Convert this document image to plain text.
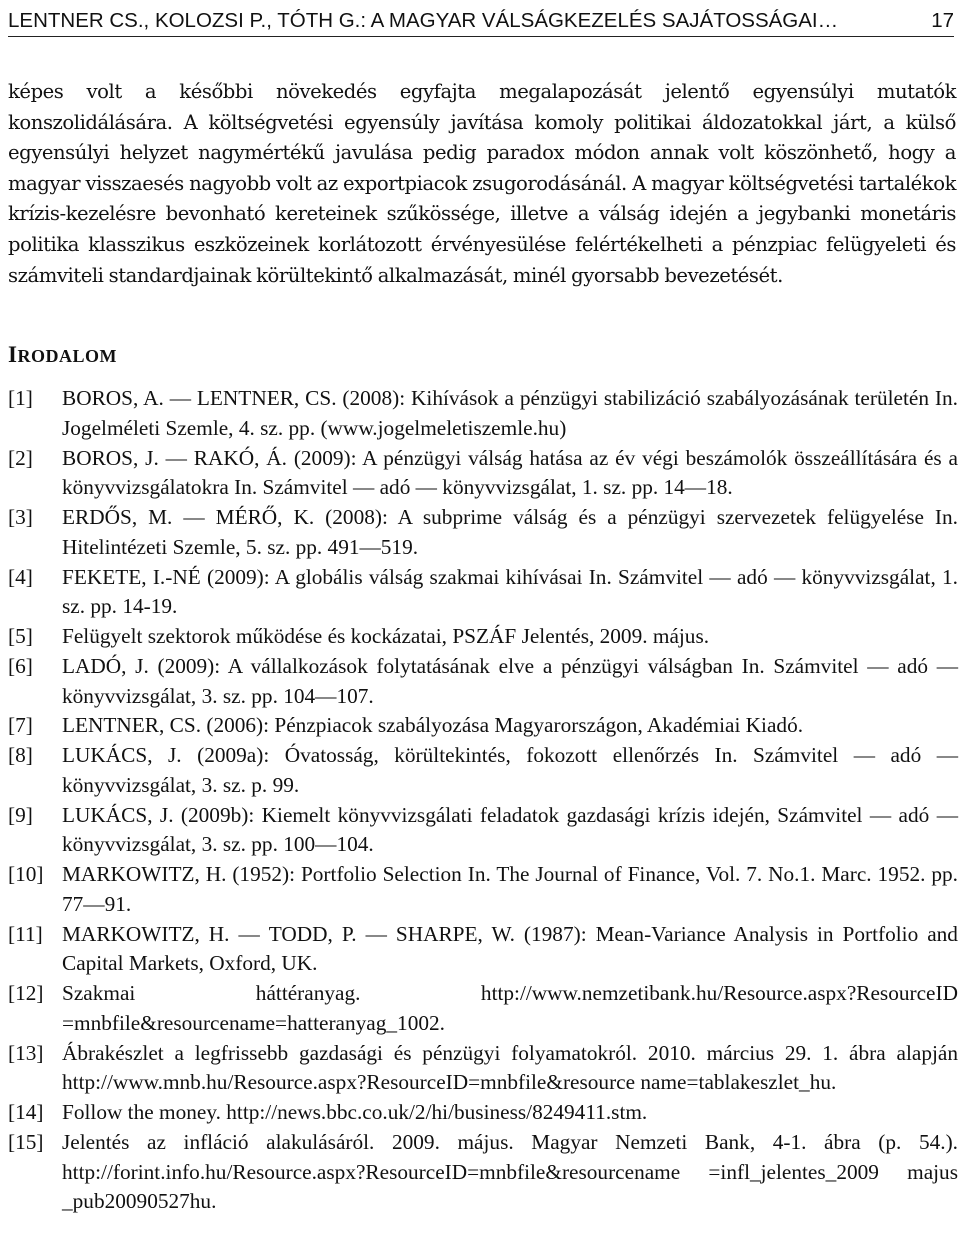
LENTNER CS., KOLOZSI P., TÓTH G.: A MAGYAR VÁLSÁGKEZELÉS SAJÁTOSSÁGAI…	17

képes volt a későbbi növekedés egyfajta megalapozását jelentő egyensúlyi mutatók konszolidálására. A költségvetési egyensúly javítása komoly politikai áldozatokkal járt, a külső egyensúlyi helyzet nagymértékű javulása pedig paradox módon annak volt köszönhető, hogy a magyar visszaesés nagyobb volt az exportpiacok zsugorodásánál. A magyar költségvetési tartalékok krízis-kezelésre bevonható kereteinek szűkössége, illetve a válság idején a jegybanki monetáris politika klasszikus eszközeinek korlátozott érvényesülése felértékelheti a pénzpiac felügyeleti és számviteli standardjainak körültekintő alkalmazását, minél gyorsabb bevezetését.

IRODALOM
[1] BOROS, A. — LENTNER, CS. (2008): Kihívások a pénzügyi stabilizáció szabályozásának területén In. Jogelméleti Szemle, 4. sz. pp. (www.jogelmeletiszemle.hu)
[2] BOROS, J. — RAKÓ, Á. (2009): A pénzügyi válság hatása az év végi beszámolók összeállítására és a könyvvizsgálatokra In. Számvitel — adó — könyvvizsgálat, 1. sz. pp. 14—18.
[3] ERDŐS, M. — MÉRŐ, K. (2008): A subprime válság és a pénzügyi szervezetek felügyelése In. Hitelintézeti Szemle, 5. sz. pp. 491—519.
[4] FEKETE, I.-NÉ (2009): A globális válság szakmai kihívásai In. Számvitel — adó — könyvvizsgálat, 1. sz. pp. 14-19.
[5] Felügyelt szektorok működése és kockázatai, PSZÁF Jelentés, 2009. május.
[6] LADÓ, J. (2009): A vállalkozások folytatásának elve a pénzügyi válságban In. Számvitel — adó — könyvvizsgálat, 3. sz. pp. 104—107.
[7] LENTNER, CS. (2006): Pénzpiacok szabályozása Magyarországon, Akadémiai Kiadó.
[8] LUKÁCS, J. (2009a): Óvatosság, körültekintés, fokozott ellenőrzés In. Számvitel — adó — könyvvizsgálat, 3. sz. p. 99.
[9] LUKÁCS, J. (2009b): Kiemelt könyvvizsgálati feladatok gazdasági krízis idején, Számvitel — adó — könyvvizsgálat, 3. sz. pp. 100—104.
[10] MARKOWITZ, H. (1952): Portfolio Selection In. The Journal of Finance, Vol. 7. No.1. Marc. 1952. pp. 77—91.
[11] MARKOWITZ, H. — TODD, P. — SHARPE, W. (1987): Mean-Variance Analysis in Portfolio and Capital Markets, Oxford, UK.
[12] Szakmai háttéranyag. http://www.nemzetibank.hu/Resource.aspx?ResourceID =mnbfile&resourcename=hatteranyag_1002.
[13] Ábrakészlet a legfrissebb gazdasági és pénzügyi folyamatokról. 2010. március 29. 1. ábra alapján http://www.mnb.hu/Resource.aspx?ResourceID=mnbfile&resource name=tablakeszlet_hu.
[14] Follow the money. http://news.bbc.co.uk/2/hi/business/8249411.stm.
[15] Jelentés az infláció alakulásáról. 2009. május. Magyar Nemzeti Bank, 4-1. ábra (p. 54.). http://forint.info.hu/Resource.aspx?ResourceID=mnbfile&resourcename =infl_jelentes_2009 majus _pub20090527hu.
